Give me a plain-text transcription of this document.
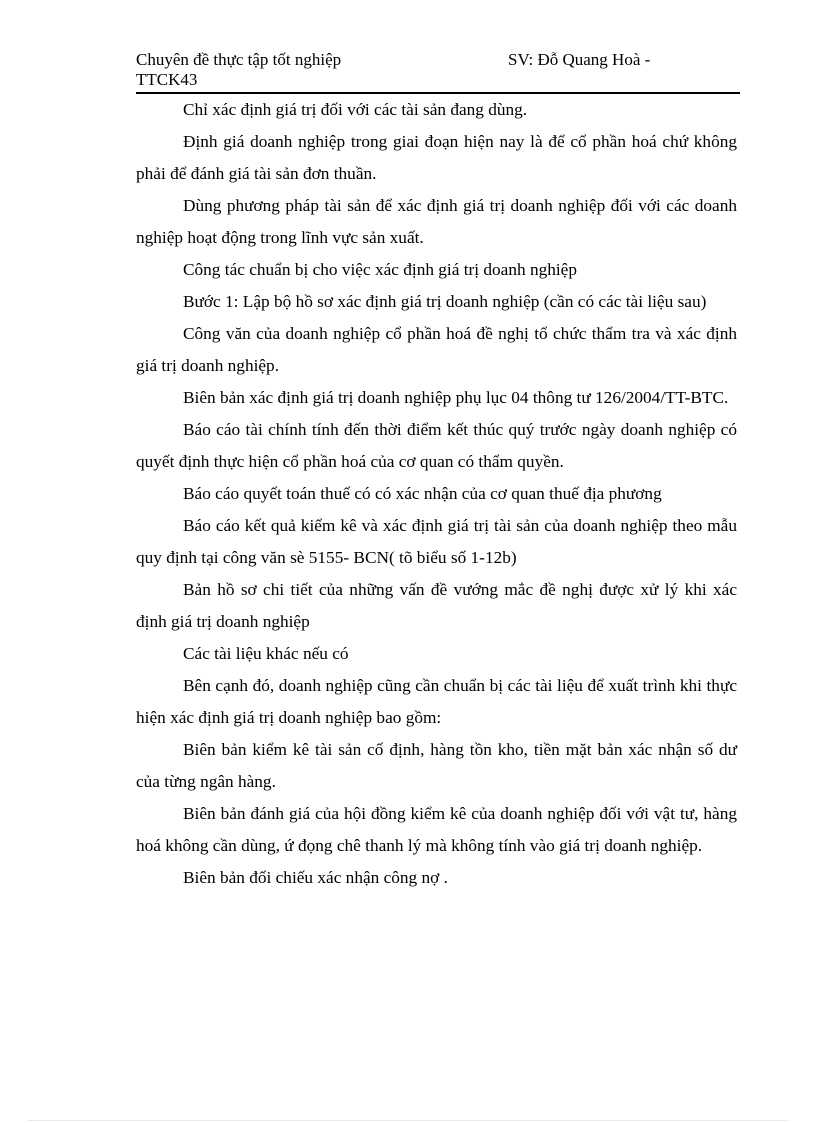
Chuyên đề thực tập tốt nghiệp
TTCK43
SV: Đỗ Quang Hoà -

Chỉ xác định giá trị đối với các tài sản đang dùng.

Định giá doanh nghiệp trong giai đoạn hiện nay là để cổ phần hoá chứ không phải để đánh giá tài sản đơn thuần.

Dùng phương pháp tài sản để xác định giá trị doanh nghiệp đối với các doanh nghiệp hoạt động trong lĩnh vực sản xuất.

Công tác chuẩn bị cho việc xác định giá trị doanh nghiệp

Bước 1: Lập bộ hồ sơ xác định giá trị doanh nghiệp (cần có các tài liệu sau)

Công văn của doanh nghiệp cổ phần hoá đề nghị tổ chức thẩm tra và xác định giá trị doanh nghiệp.

Biên bản xác định giá trị doanh nghiệp phụ lục 04 thông tư 126/2004/TT-BTC.

Báo cáo tài chính tính đến thời điểm kết thúc quý trước ngày doanh nghiệp có quyết định thực hiện cổ phần hoá của cơ quan có thẩm quyền.

Báo cáo quyết toán thuế có có xác nhận của cơ quan thuế địa phương

Báo cáo kết quả kiểm kê và xác định giá trị tài sản của doanh nghiệp theo mẫu quy định tại công văn sè 5155- BCN( tõ biểu số 1-12b)

Bản hồ sơ chi tiết của những vấn đề vướng mắc đề nghị được xử lý khi xác định giá trị doanh nghiệp

Các tài liệu khác nếu có

Bên cạnh đó, doanh nghiệp cũng cần chuẩn bị các tài liệu để xuất trình khi thực hiện xác định giá trị doanh nghiệp bao gồm:

Biên bản kiểm kê tài sản cố định, hàng tồn kho, tiền mặt bản xác nhận số dư của từng ngân hàng.

Biên bản đánh giá của hội đồng kiểm kê của doanh nghiệp đối với vật tư, hàng hoá không cần dùng, ứ đọng chê thanh lý mà không tính vào giá trị doanh nghiệp.

Biên bản đối chiếu xác nhận công nợ .
